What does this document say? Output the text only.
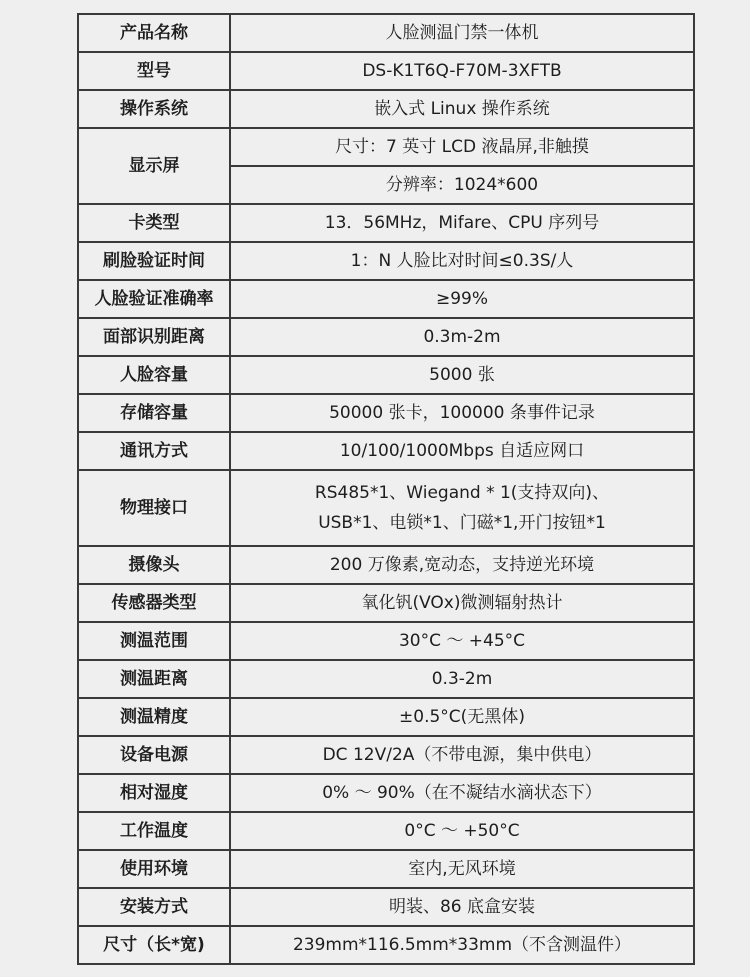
产品名称	人脸测温门禁一体机
型号	DS-K1T6Q-F70M-3XFTB
操作系统	嵌入式 Linux 操作系统
显示屏	尺寸：7 英寸 LCD 液晶屏,非触摸
	分辨率：1024*600
卡类型	13．56MHz，Mifare、CPU 序列号
刷脸验证时间	1：N 人脸比对时间≤0.3S/人
人脸验证准确率	≥99%
面部识别距离	0.3m-2m
人脸容量	5000 张
存储容量	50000 张卡，100000 条事件记录
通讯方式	10/100/1000Mbps 自适应网口
物理接口	RS485*1、Wiegand * 1(支持双向)、
USB*1、电锁*1、门磁*1,开门按钮*1

摄像头	200 万像素,宽动态，支持逆光环境
传感器类型	氧化钒(VOx)微测辐射热计
测温范围	30°C ～ +45°C
测温距离	0.3-2m
测温精度	±0.5°C(无黑体)
设备电源	DC 12V/2A（不带电源，集中供电）
相对湿度	0% ～ 90%（在不凝结水滴状态下）
工作温度	0°C ～ +50°C
使用环境	室内,无风环境
安装方式	明装、86 底盒安装
尺寸（长*宽)	239mm*116.5mm*33mm（不含测温件）
